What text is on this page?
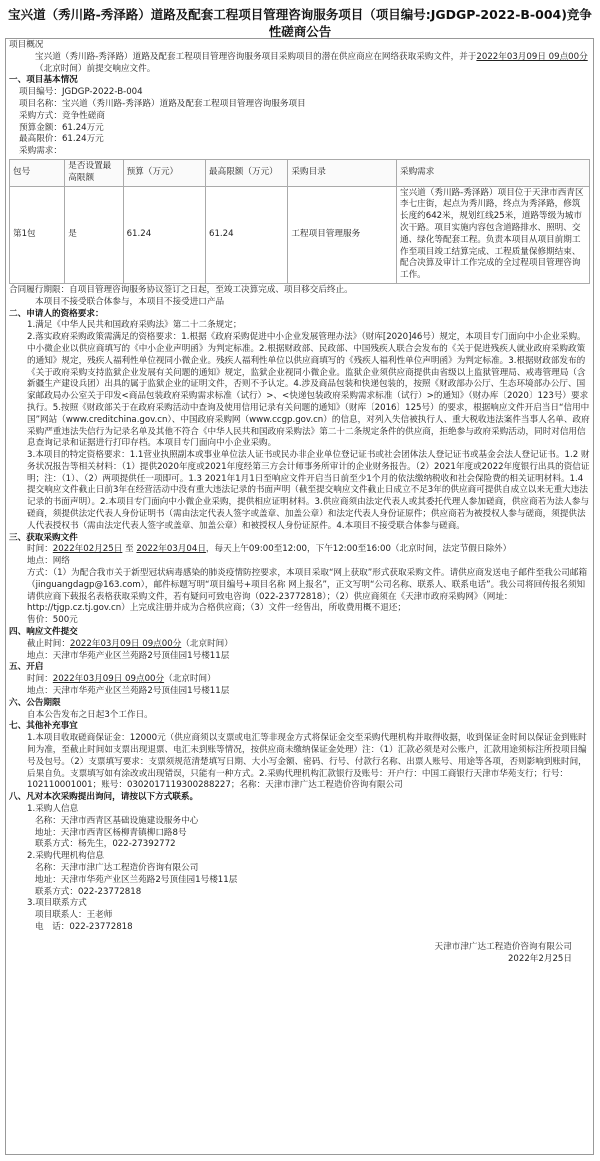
宝兴道（秀川路-秀泽路）道路及配套工程项目管理咨询服务项目（项目编号:JGDGP-2022-B-004)竞争性磋商公告
项目概况
宝兴道（秀川路-秀泽路）道路及配套工程项目管理咨询服务项目采购项目的潜在供应商应在网络获取采购文件，并于2022年03月09日 09点00分（北京时间）前提交响应文件。
一、项目基本情况
项目编号：JGDGP-2022-B-004
项目名称：宝兴道（秀川路-秀泽路）道路及配套工程项目管理咨询服务项目
采购方式：竞争性磋商
预算金额：61.24万元
最高限价：61.24万元
采购需求：
包号	是否设置最高限额	预算（万元）	最高限额（万元）	采购目录	采购需求
第1包	是	61.24	61.24	工程项目管理服务	宝兴道（秀川路-秀泽路）项目位于天津市西青区李七庄街，起点为秀川路，终点为秀泽路，修筑长度约642米，规划红线25米，道路等级为城市次干路。项目实施内容包含道路排水、照明、交通、绿化等配套工程。负责本项目从项目前期工作至项目竣工结算完成、工程质量保修期结束、配合决算及审计工作完成的全过程项目管理咨询工作。
合同履行期限：自项目管理咨询服务协议签订之日起，至竣工决算完成、项目移交后终止。
本项目不接受联合体参与，本项目不接受进口产品
二、申请人的资格要求：
1.满足《中华人民共和国政府采购法》第二十二条规定；
2.落实政府采购政策需满足的资格要求：1.根据《政府采购促进中小企业发展管理办法》（财库[2020]46号）规定，本项目专门面向中小企业采购。中小微企业以供应商填写的《中小企业声明函》为判定标准。2.根据财政部、民政部、中国残疾人联合会发布的《关于促进残疾人就业政府采购政策的通知》规定，残疾人福利性单位视同小微企业。残疾人福利性单位以供应商填写的《残疾人福利性单位声明函》为判定标准。3.根据财政部发布的《关于政府采购支持监狱企业发展有关问题的通知》规定，监狱企业视同小微企业。监狱企业须供应商提供由省级以上监狱管理局、戒毒管理局（含新疆生产建设兵团）出具的属于监狱企业的证明文件，否则不予认定。4.涉及商品包装和快递包装的，按照《财政部办公厅、生态环境部办公厅、国家邮政局办公室关于印发<商品包装政府采购需求标准（试行）>、<快递包装政府采购需求标准（试行）>的通知》（财办库〔2020〕123号）要求执行。5.按照《财政部关于在政府采购活动中查询及使用信用记录有关问题的通知》（财库〔2016〕125号）的要求，根据响应文件开启当日“信用中国”网站（www.creditchina.gov.cn）、中国政府采购网（www.ccgp.gov.cn）的信息，对列入失信被执行人、重大税收违法案件当事人名单、政府采购严重违法失信行为记录名单及其他不符合《中华人民共和国政府采购法》第二十二条规定条件的供应商，拒绝参与政府采购活动，同时对信用信息查询记录和证据进行打印存档。本项目专门面向中小企业采购。
3.本项目的特定资格要求：1.1营业执照副本或事业单位法人证书或民办非企业单位登记证书或社会团体法人登记证书或基金会法人登记证书。1.2 财务状况报告等相关材料：（1）提供2020年度或2021年度经第三方会计师事务所审计的企业财务报告。（2）2021年度或2022年度银行出具的资信证明；注：（1）、（2）两项提供任一项即可。1.3 2021年1月1日至响应文件开启当日前至少1个月的依法缴纳税收和社会保险费的相关证明材料。1.4 提交响应文件截止日前3年在经营活动中没有重大违法记录的书面声明（截至提交响应文件截止日成立不足3年的供应商可提供自成立以来无重大违法记录的书面声明）。2.本项目专门面向中小微企业采购，提供相应证明材料。3.供应商须由法定代表人或其委托代理人参加磋商，供应商若为法人参与磋商，须提供法定代表人身份证明书（需由法定代表人签字或盖章、加盖公章）和法定代表人身份证原件；供应商若为被授权人参与磋商，须提供法人代表授权书（需由法定代表人签字或盖章、加盖公章）和被授权人身份证原件。4.本项目不接受联合体参与磋商。
三、获取采购文件
时间：2022年02月25日 至 2022年03月04日，每天上午09:00至12:00，下午12:00至16:00（北京时间，法定节假日除外）
地点：网络
方式：（1）为配合我市关于新型冠状病毒感染的肺炎疫情防控要求，本项目采取“网上获取”形式获取采购文件。请供应商发送电子邮件至我公司邮箱（jinguangdagp@163.com），邮件标题写明“项目编号+项目名称 网上报名”，正文写明“公司名称、联系人、联系电话”。我公司将回传报名须知请供应商下载报名表格获取采购文件，若有疑问可致电咨询（022-23772818）；（2）供应商须在《天津市政府采购网》（网址：http://tjgp.cz.tj.gov.cn）上完成注册并成为合格供应商；（3）文件一经售出，所收费用概不退还；
售价：500元
四、响应文件提交
截止时间：2022年03月09日 09点00分（北京时间）
地点：天津市华苑产业区兰苑路2号顶佳园1号楼11层
五、开启
时间：2022年03月09日 09点00分（北京时间）
地点：天津市华苑产业区兰苑路2号顶佳园1号楼11层
六、公告期限
自本公告发布之日起3个工作日。
七、其他补充事宜
1.本项目收取磋商保证金：12000元（供应商须以支票或电汇等非现金方式将保证金交至采购代理机构并取得收据，收到保证金时间以保证金到账时间为准，至截止时间如支票出现退票、电汇未到账等情况，按供应商未缴纳保证金处理）注：（1）汇款必须是对公账户，汇款用途须标注所投项目编号及包号。（2）支票填写要求：支票须规范清楚填写日期、大小写金额、密码、行号、付款行名称、出票人账号、用途等各项，否则影响到账时间，后果自负。支票填写如有涂改或出现错误，只能有一种方式。2.采购代理机构汇款银行及账号：开户行：中国工商银行天津市华苑支行；行号：102110001001；账号：0302017119300288227；名称：天津市津广达工程造价咨询有限公司
八、凡对本次采购提出询问，请按以下方式联系。
1.采购人信息
名称：天津市西青区基础设施建设服务中心
地址：天津市西青区杨柳青镇柳口路8号
联系方式：杨先生，022-27392772
2.采购代理机构信息
名称：天津市津广达工程造价咨询有限公司
地址：天津市华苑产业区兰苑路2号顶佳园1号楼11层
联系方式：022-23772818
3.项目联系方式
项目联系人：王老师
电　话：022-23772818
天津市津广达工程造价咨询有限公司
2022年2月25日
